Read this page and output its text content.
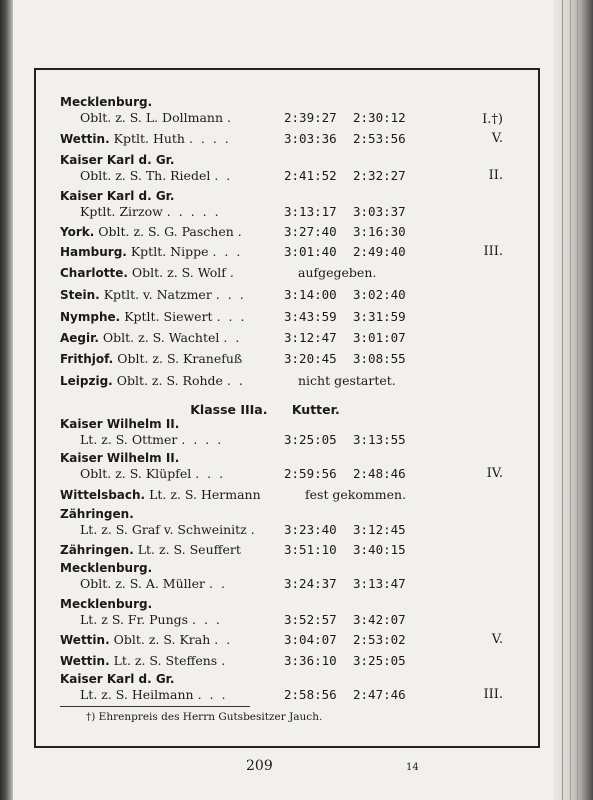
Mecklenburg.
Oblt. z. S. L. Dollmann .	2:39:27 2:30:12	I.†)
Wettin. Kptlt. Huth . . . .	3:03:36 2:53:56	V.
Kaiser Karl d. Gr.
Oblt. z. S. Th. Riedel . .	2:41:52 2:32:27	II.
Kaiser Karl d. Gr.
Kptlt. Zirzow . . . . .	3:13:17 3:03:37
York. Oblt. z. S. G. Paschen .	3:27:40 3:16:30
Hamburg. Kptlt. Nippe . . .	3:01:40 2:49:40	III.
Charlotte. Oblt. z. S. Wolf .	aufgegeben.
Stein. Kptlt. v. Natzmer . . .	3:14:00 3:02:40
Nymphe. Kptlt. Siewert . . .	3:43:59 3:31:59
Aegir. Oblt. z. S. Wachtel . .	3:12:47 3:01:07
Frithjof. Oblt. z. S. Kranefuß	3:20:45 3:08:55
Leipzig. Oblt. z. S. Rohde . .	nicht gestartet.
Klasse IIIa. Kutter.
Kaiser Wilhelm II.
Lt. z. S. Ottmer . . . .	3:25:05 3:13:55
Kaiser Wilhelm II.
Oblt. z. S. Klüpfel . . .	2:59:56 2:48:46	IV.
Wittelsbach. Lt. z. S. Hermann	fest gekommen.
Zähringen.
Lt. z. S. Graf v. Schweinitz . 3:23:40 3:12:45
Zähringen. Lt. z. S. Seuffert	3:51:10 3:40:15
Mecklenburg.
Oblt. z. S. A. Müller . .	3:24:37 3:13:47
Mecklenburg.
Lt. z S. Fr. Pungs . . .	3:52:57 3:42:07
Wettin. Oblt. z. S. Krah . .	3:04:07 2:53:02	V.
Wettin. Lt. z. S. Steffens .	3:36:10 3:25:05
Kaiser Karl d. Gr.
Lt. z. S. Heilmann . . .	2:58:56 2:47:46	III.
†) Ehrenpreis des Herrn Gutsbesitzer Jauch.
209	14
